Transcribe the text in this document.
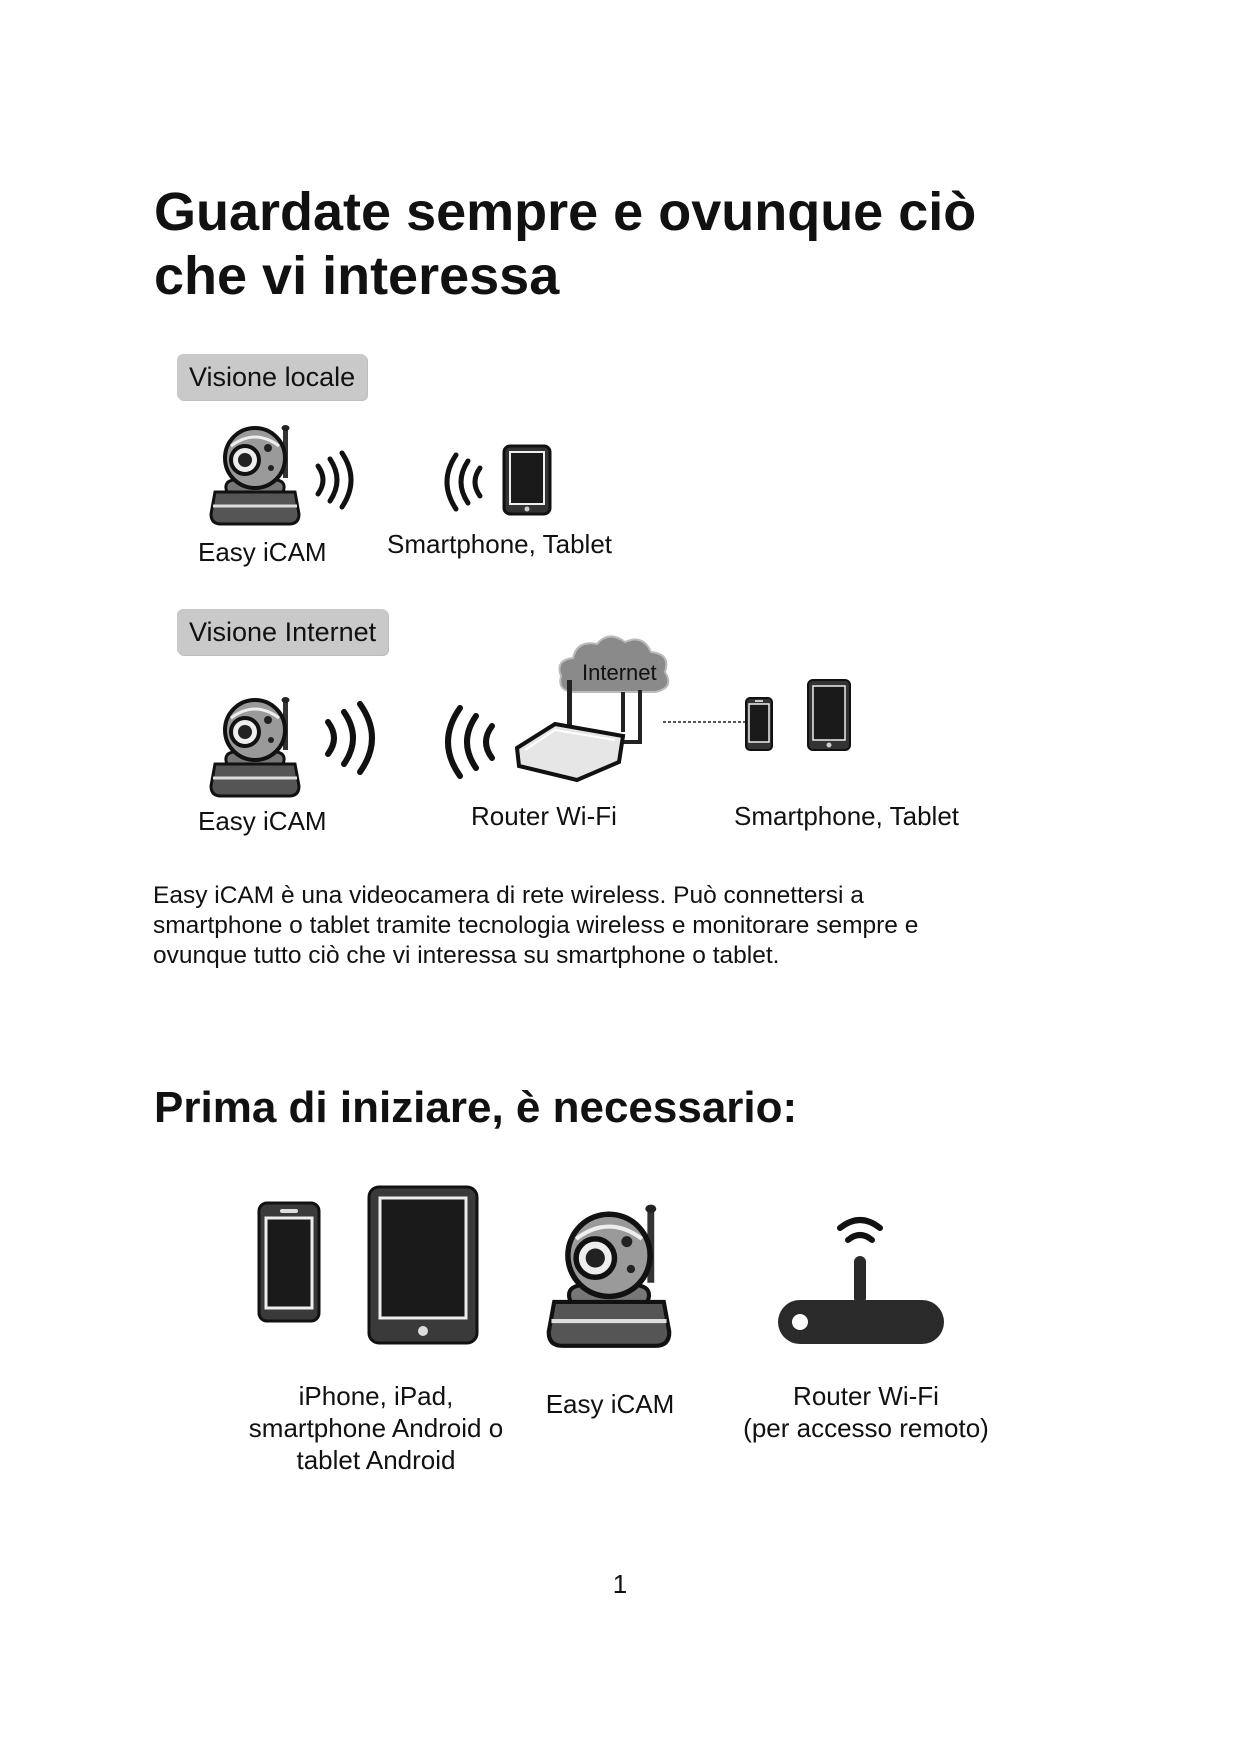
Guardate sempre e ovunque ciò che vi interessa
Visione locale
Easy iCAM Smartphone, Tablet
Visione Internet
Internet
Easy iCAM	Router Wi-Fi	Smartphone, Tablet
Easy iCAM è una videocamera di rete wireless. Può connettersi a
smartphone o tablet tramite tecnologia wireless e monitorare sempre e
ovunque tutto ciò che vi interessa su smartphone o tablet.
Prima di iniziare, è necessario:
iPhone, iPad,
smartphone Android o
tablet Android
Easy iCAM	Router Wi-Fi
(per accesso remoto)
1
